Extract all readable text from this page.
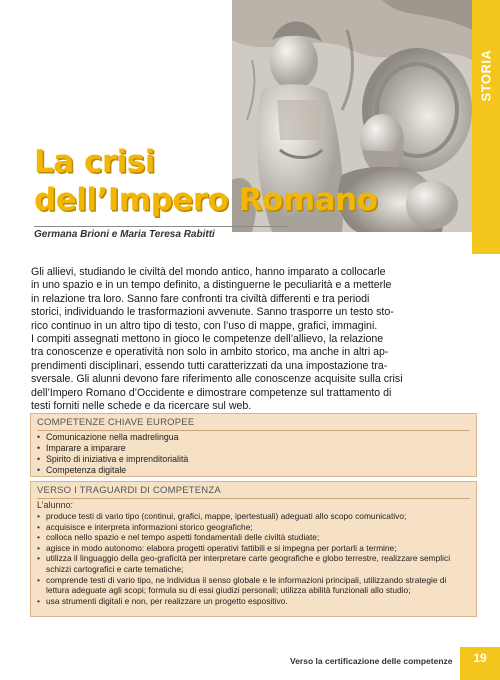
STORIA
La crisi
dell’Impero Romano
Germana Brioni e Maria Teresa Rabitti
Gli allievi, studiando le civiltà del mondo antico, hanno imparato a collocarle
in uno spazio e in un tempo definito, a distinguerne le peculiarità e a metterle
in relazione tra loro. Sanno fare confronti tra civiltà differenti e tra periodi
storici, individuando le trasformazioni avvenute. Sanno trasporre un testo sto-
rico continuo in un altro tipo di testo, con l’uso di mappe, grafici, immagini.
I compiti assegnati mettono in gioco le competenze dell’allievo, la relazione
tra conoscenze e operatività non solo in ambito storico, ma anche in altri ap-
prendimenti disciplinari, essendo tutti caratterizzati da una impostazione tra-
sversale. Gli alunni devono fare riferimento alle conoscenze acquisite sulla crisi
dell’Impero Romano d’Occidente e dimostrare competenze sul trattamento di
testi forniti nelle schede e da ricercare sul web.
COMPETENZE CHIAVE EUROPEE
• Comunicazione nella madrelingua
• Imparare a imparare
• Spirito di iniziativa e imprenditorialità
• Competenza digitale
VERSO I TRAGUARDI DI COMPETENZA
L’alunno:
• produce testi di vario tipo (continui, grafici, mappe, ipertestuali) adeguati allo scopo comunicativo;
• acquisisce e interpreta informazioni storico geografiche;
• colloca nello spazio e nel tempo aspetti fondamentali delle civiltà studiate;
• agisce in modo autonomo: elabora progetti operativi fattibili e si impegna per portarli a termine;
• utilizza il linguaggio della geo-graficità per interpretare carte geografiche e globo terrestre, realizzare semplici schizzi cartografici e carte tematiche;
• comprende testi di vario tipo, ne individua il senso globale e le informazioni principali, utilizzando strategie di lettura adeguate agli scopi; formula su di essi giudizi personali; utilizza abilità funzionali allo studio;
• usa strumenti digitali e non, per realizzare un progetto espositivo.
Verso la certificazione delle competenze	19
